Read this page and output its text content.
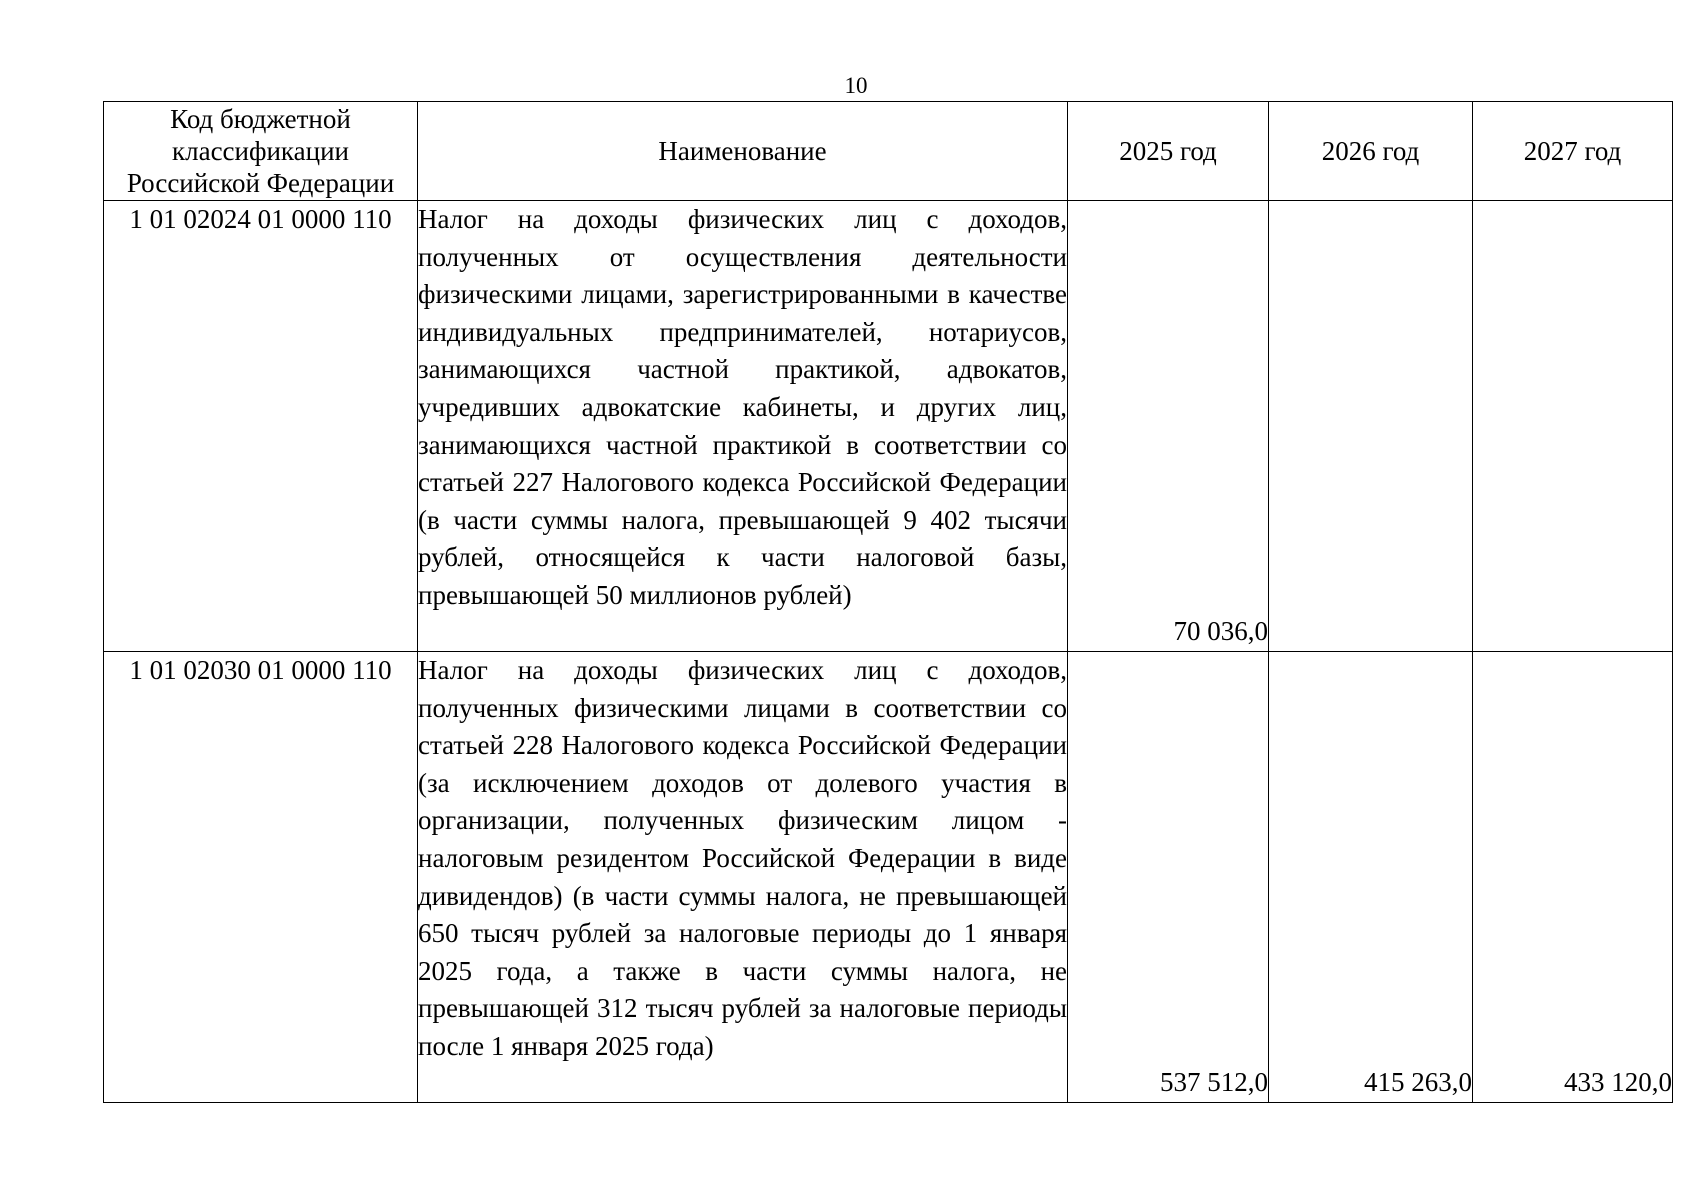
10
Код бюджетной классификации Российской Федерации	Наименование	2025 год	2026 год	2027 год
1 01 02024 01 0000 110	Налог на доходы физических лиц с доходов, полученных от осуществления деятельности физическими лицами, зарегистрированными в качестве индивидуальных предпринимателей, нотариусов, занимающихся частной практикой, адвокатов, учредивших адвокатские кабинеты, и других лиц, занимающихся частной практикой в соответствии со статьей 227 Налогового кодекса Российской Федерации (в части суммы налога, превышающей 9 402 тысячи рублей, относящейся к части налоговой базы, превышающей 50 миллионов рублей)	70 036,0		
1 01 02030 01 0000 110	Налог на доходы физических лиц с доходов, полученных физическими лицами в соответствии со статьей 228 Налогового кодекса Российской Федерации (за исключением доходов от долевого участия в организации, полученных физическим лицом - налоговым резидентом Российской Федерации в виде дивидендов) (в части суммы налога, не превышающей 650 тысяч рублей за налоговые периоды до 1 января 2025 года, а также в части суммы налога, не превышающей 312 тысяч рублей за налоговые периоды после 1 января 2025 года)	537 512,0	415 263,0	433 120,0
